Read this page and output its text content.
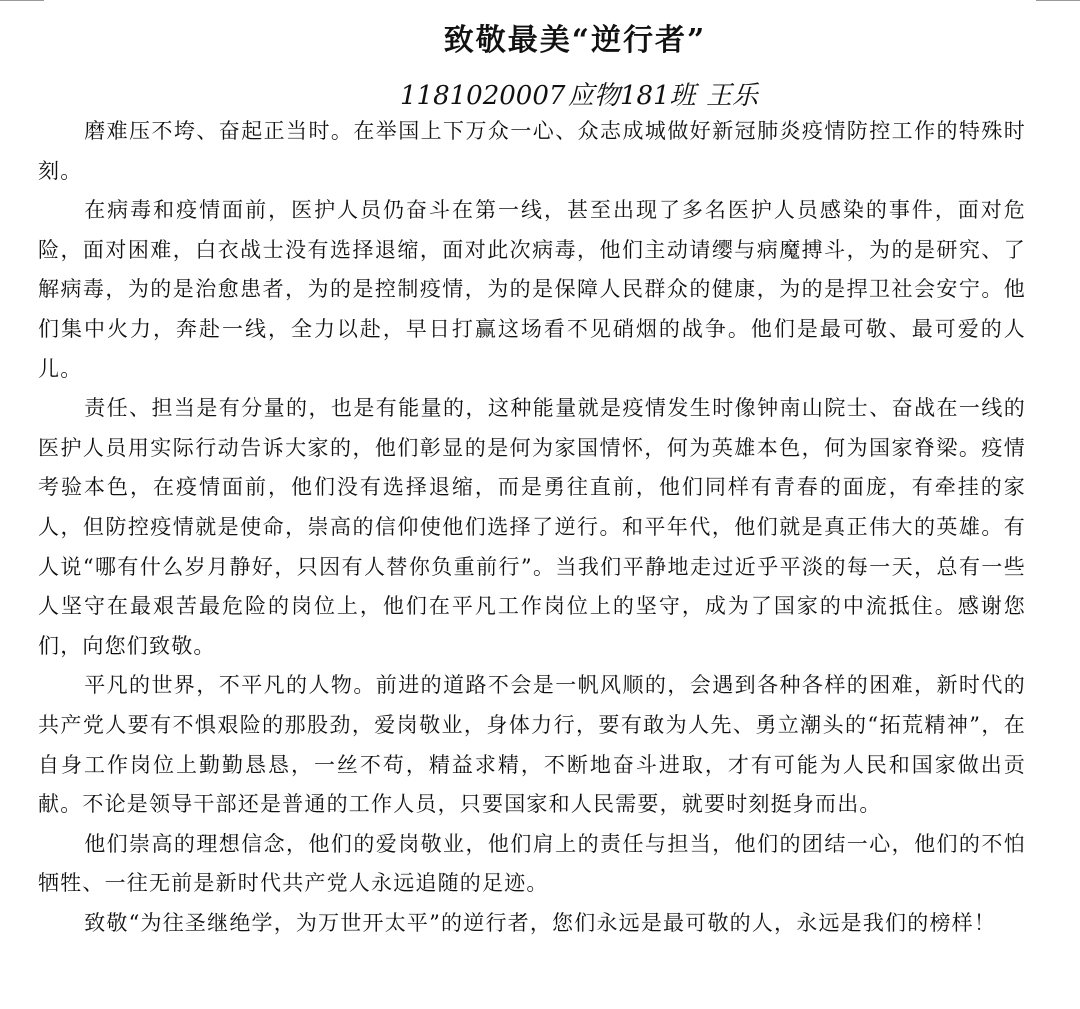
致敬最美“逆行者”
1181020007 应物181班 王乐

磨难压不垮、奋起正当时。在举国上下万众一心、众志成城做好新冠肺炎疫情防控工作的特殊时刻。

在病毒和疫情面前，医护人员仍奋斗在第一线，甚至出现了多名医护人员感染的事件，面对危险，面对困难，白衣战士没有选择退缩，面对此次病毒，他们主动请缨与病魔搏斗，为的是研究、了解病毒，为的是治愈患者，为的是控制疫情，为的是保障人民群众的健康，为的是捍卫社会安宁。他们集中火力，奔赴一线，全力以赴，早日打赢这场看不见硝烟的战争。他们是最可敬、最可爱的人儿。

责任、担当是有分量的，也是有能量的，这种能量就是疫情发生时像钟南山院士、奋战在一线的医护人员用实际行动告诉大家的，他们彰显的是何为家国情怀，何为英雄本色，何为国家脊梁。疫情考验本色，在疫情面前，他们没有选择退缩，而是勇往直前，他们同样有青春的面庞，有牵挂的家人，但防控疫情就是使命，崇高的信仰使他们选择了逆行。和平年代，他们就是真正伟大的英雄。有人说“哪有什么岁月静好，只因有人替你负重前行”。当我们平静地走过近乎平淡的每一天，总有一些人坚守在最艰苦最危险的岗位上，他们在平凡工作岗位上的坚守，成为了国家的中流抵住。感谢您们，向您们致敬。

平凡的世界，不平凡的人物。前进的道路不会是一帆风顺的，会遇到各种各样的困难，新时代的共产党人要有不惧艰险的那股劲，爱岗敬业，身体力行，要有敢为人先、勇立潮头的“拓荒精神”，在自身工作岗位上勤勤恳恳，一丝不苟，精益求精，不断地奋斗进取，才有可能为人民和国家做出贡献。不论是领导干部还是普通的工作人员，只要国家和人民需要，就要时刻挺身而出。

他们崇高的理想信念，他们的爱岗敬业，他们肩上的责任与担当，他们的团结一心，他们的不怕牺牲、一往无前是新时代共产党人永远追随的足迹。

致敬“为往圣继绝学，为万世开太平”的逆行者，您们永远是最可敬的人，永远是我们的榜样！
